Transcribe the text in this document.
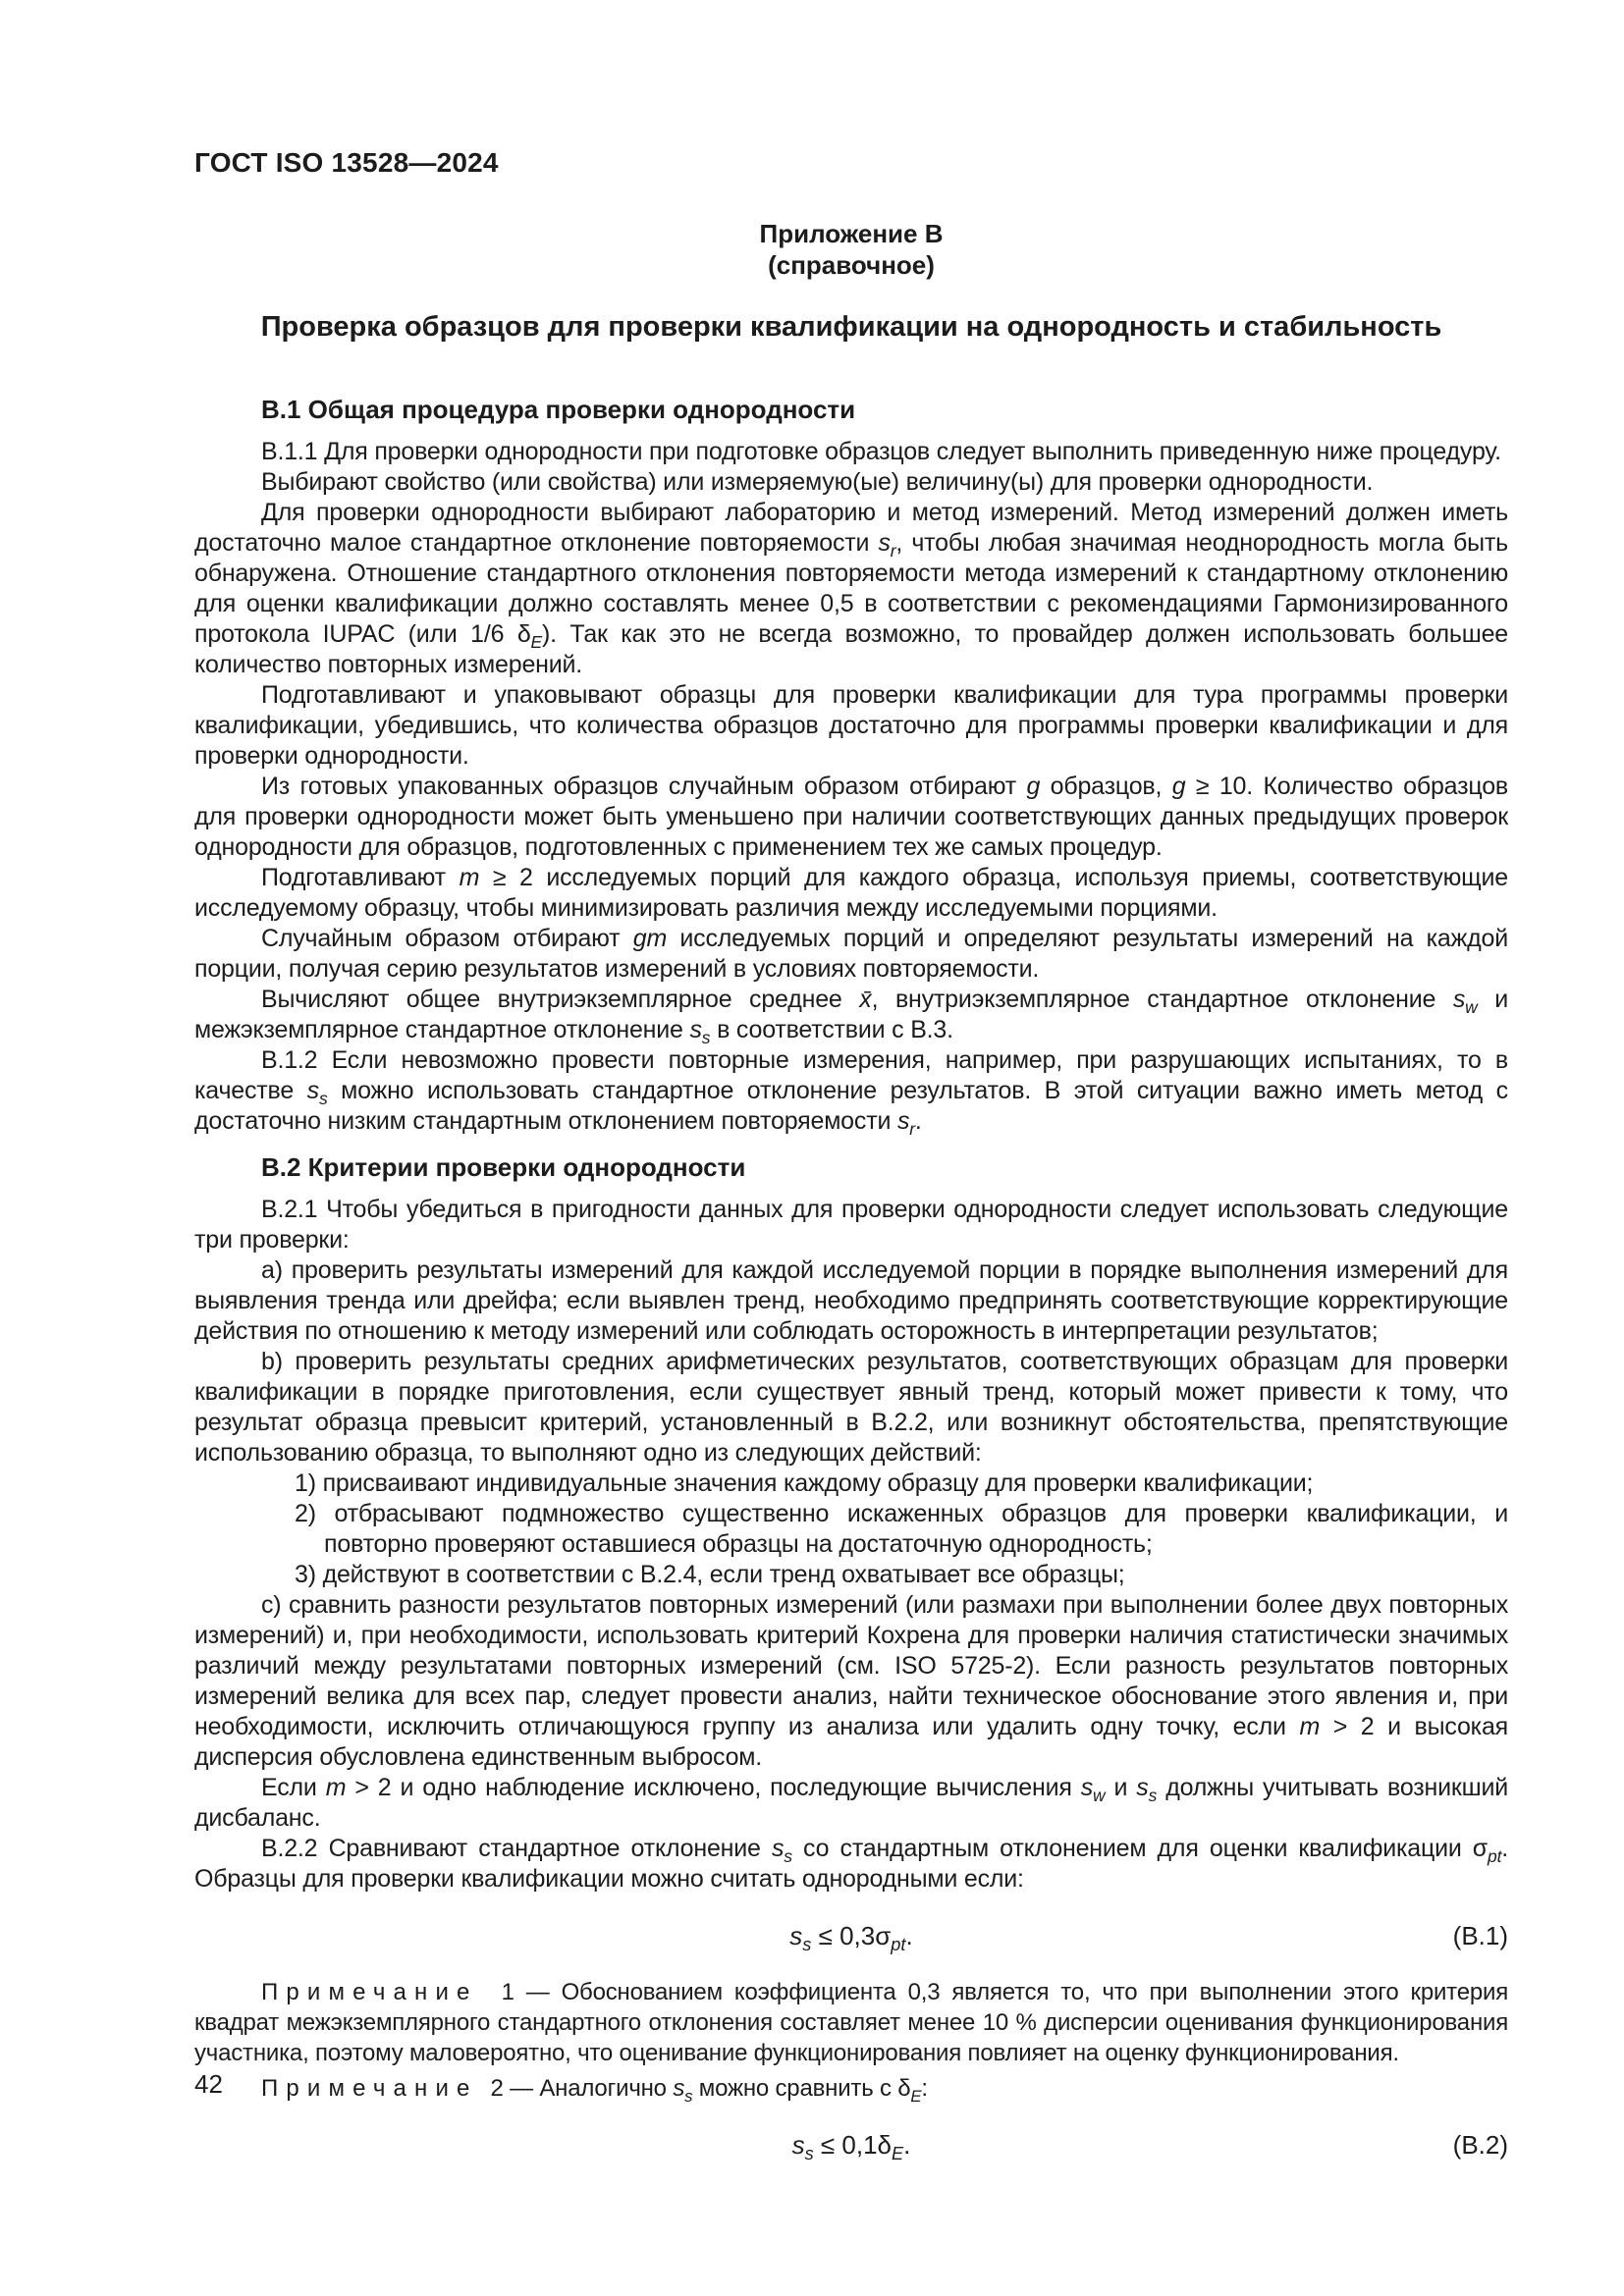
ГОСТ ISO 13528—2024
Приложение В
(справочное)
Проверка образцов для проверки квалификации на однородность и стабильность
В.1 Общая процедура проверки однородности

В.1.1 Для проверки однородности при подготовке образцов следует выполнить приведенную ниже процедуру.

Выбирают свойство (или свойства) или измеряемую(ые) величину(ы) для проверки однородности.

Для проверки однородности выбирают лабораторию и метод измерений. Метод измерений должен иметь достаточно малое стандартное отклонение повторяемости $s_r$, чтобы любая значимая неоднородность могла быть обнаружена. Отношение стандартного отклонения повторяемости метода измерений к стандартному отклонению для оценки квалификации должно составлять менее 0,5 в соответствии с рекомендациями Гармонизированного протокола IUPAC (или 1/6 $\delta_E$). Так как это не всегда возможно, то провайдер должен использовать большее количество повторных измерений.

Подготавливают и упаковывают образцы для проверки квалификации для тура программы проверки квалификации, убедившись, что количества образцов достаточно для программы проверки квалификации и для проверки однородности.

Из готовых упакованных образцов случайным образом отбирают g образцов, g ≥ 10. Количество образцов для проверки однородности может быть уменьшено при наличии соответствующих данных предыдущих проверок однородности для образцов, подготовленных с применением тех же самых процедур.

Подготавливают m ≥ 2 исследуемых порций для каждого образца, используя приемы, соответствующие исследуемому образцу, чтобы минимизировать различия между исследуемыми порциями.

Случайным образом отбирают gm исследуемых порций и определяют результаты измерений на каждой порции, получая серию результатов измерений в условиях повторяемости.

Вычисляют общее внутриэкземплярное среднее x̄, внутриэкземплярное стандартное отклонение $s_w$ и межэкземплярное стандартное отклонение $s_s$ в соответствии с В.3.

В.1.2 Если невозможно провести повторные измерения, например, при разрушающих испытаниях, то в качестве $s_s$ можно использовать стандартное отклонение результатов. В этой ситуации важно иметь метод с достаточно низким стандартным отклонением повторяемости $s_r$.

В.2 Критерии проверки однородности

В.2.1 Чтобы убедиться в пригодности данных для проверки однородности следует использовать следующие три проверки:

a) проверить результаты измерений для каждой исследуемой порции в порядке выполнения измерений для выявления тренда или дрейфа; если выявлен тренд, необходимо предпринять соответствующие корректирующие действия по отношению к методу измерений или соблюдать осторожность в интерпретации результатов;

b) проверить результаты средних арифметических результатов, соответствующих образцам для проверки квалификации в порядке приготовления, если существует явный тренд, который может привести к тому, что результат образца превысит критерий, установленный в В.2.2, или возникнут обстоятельства, препятствующие использованию образца, то выполняют одно из следующих действий:

1) присваивают индивидуальные значения каждому образцу для проверки квалификации;

2) отбрасывают подмножество существенно искаженных образцов для проверки квалификации, и повторно проверяют оставшиеся образцы на достаточную однородность;

3) действуют в соответствии с В.2.4, если тренд охватывает все образцы;

c) сравнить разности результатов повторных измерений (или размахи при выполнении более двух повторных измерений) и, при необходимости, использовать критерий Кохрена для проверки наличия статистически значимых различий между результатами повторных измерений (см. ISO 5725-2). Если разность результатов повторных измерений велика для всех пар, следует провести анализ, найти техническое обоснование этого явления и, при необходимости, исключить отличающуюся группу из анализа или удалить одну точку, если m > 2 и высокая дисперсия обусловлена единственным выбросом.

Если m > 2 и одно наблюдение исключено, последующие вычисления $s_w$ и $s_s$ должны учитывать возникший дисбаланс.

В.2.2 Сравнивают стандартное отклонение $s_s$ со стандартным отклонением для оценки квалификации $\sigma_{pt}$. Образцы для проверки квалификации можно считать однородными если:

$s_s \le 0,3\sigma_{pt}$.	(В.1)

Примечание  1 — Обоснованием коэффициента 0,3 является то, что при выполнении этого критерия квадрат межэкземплярного стандартного отклонения составляет менее 10 % дисперсии оценивания функционирования участника, поэтому маловероятно, что оценивание функционирования повлияет на оценку функционирования.

Примечание  2 — Аналогично $s_s$ можно сравнить с $\delta_E$:

$s_s \le 0,1\delta_E$.	(В.2)
42
